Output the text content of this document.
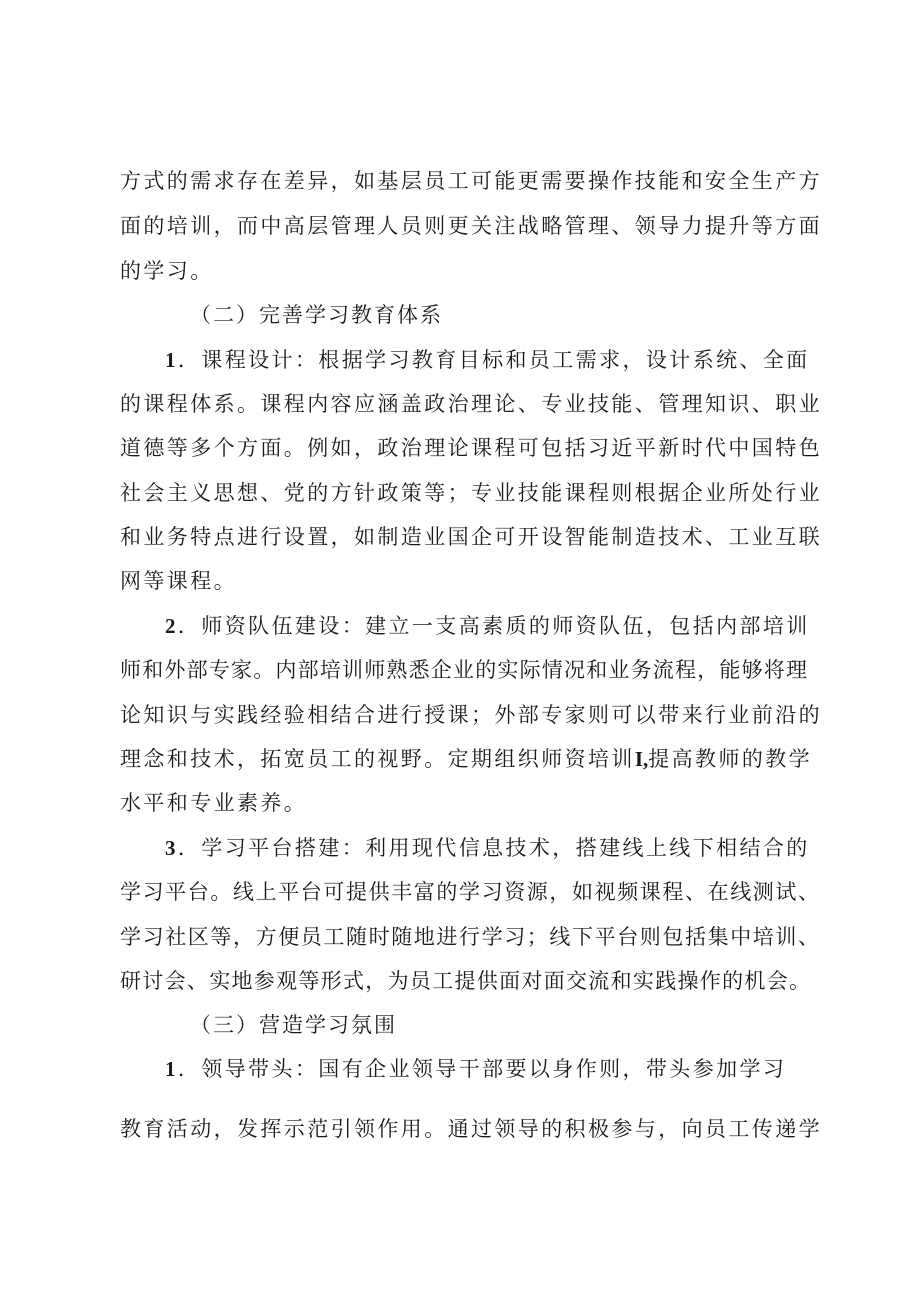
方式的需求存在差异，如基层员工可能更需要操作技能和安全生产方
面的培训，而中高层管理人员则更关注战略管理、领导力提升等方面
的学习。
（二）完善学习教育体系
1．课程设计：根据学习教育目标和员工需求，设计系统、全面
的课程体系。课程内容应涵盖政治理论、专业技能、管理知识、职业
道德等多个方面。例如，政治理论课程可包括习近平新时代中国特色
社会主义思想、党的方针政策等；专业技能课程则根据企业所处行业
和业务特点进行设置，如制造业国企可开设智能制造技术、工业互联
网等课程。
2．师资队伍建设：建立一支高素质的师资队伍，包括内部培训
师和外部专家。内部培训师熟悉企业的实际情况和业务流程，能够将理
论知识与实践经验相结合进行授课；外部专家则可以带来行业前沿的
理念和技术，拓宽员工的视野。定期组织师资培训I,提高教师的教学
水平和专业素养。
3．学习平台搭建：利用现代信息技术，搭建线上线下相结合的
学习平台。线上平台可提供丰富的学习资源，如视频课程、在线测试、
学习社区等，方便员工随时随地进行学习；线下平台则包括集中培训、
研讨会、实地参观等形式，为员工提供面对面交流和实践操作的机会。
（三）营造学习氛围
1．领导带头：国有企业领导干部要以身作则，带头参加学习
教育活动，发挥示范引领作用。通过领导的积极参与，向员工传递学
